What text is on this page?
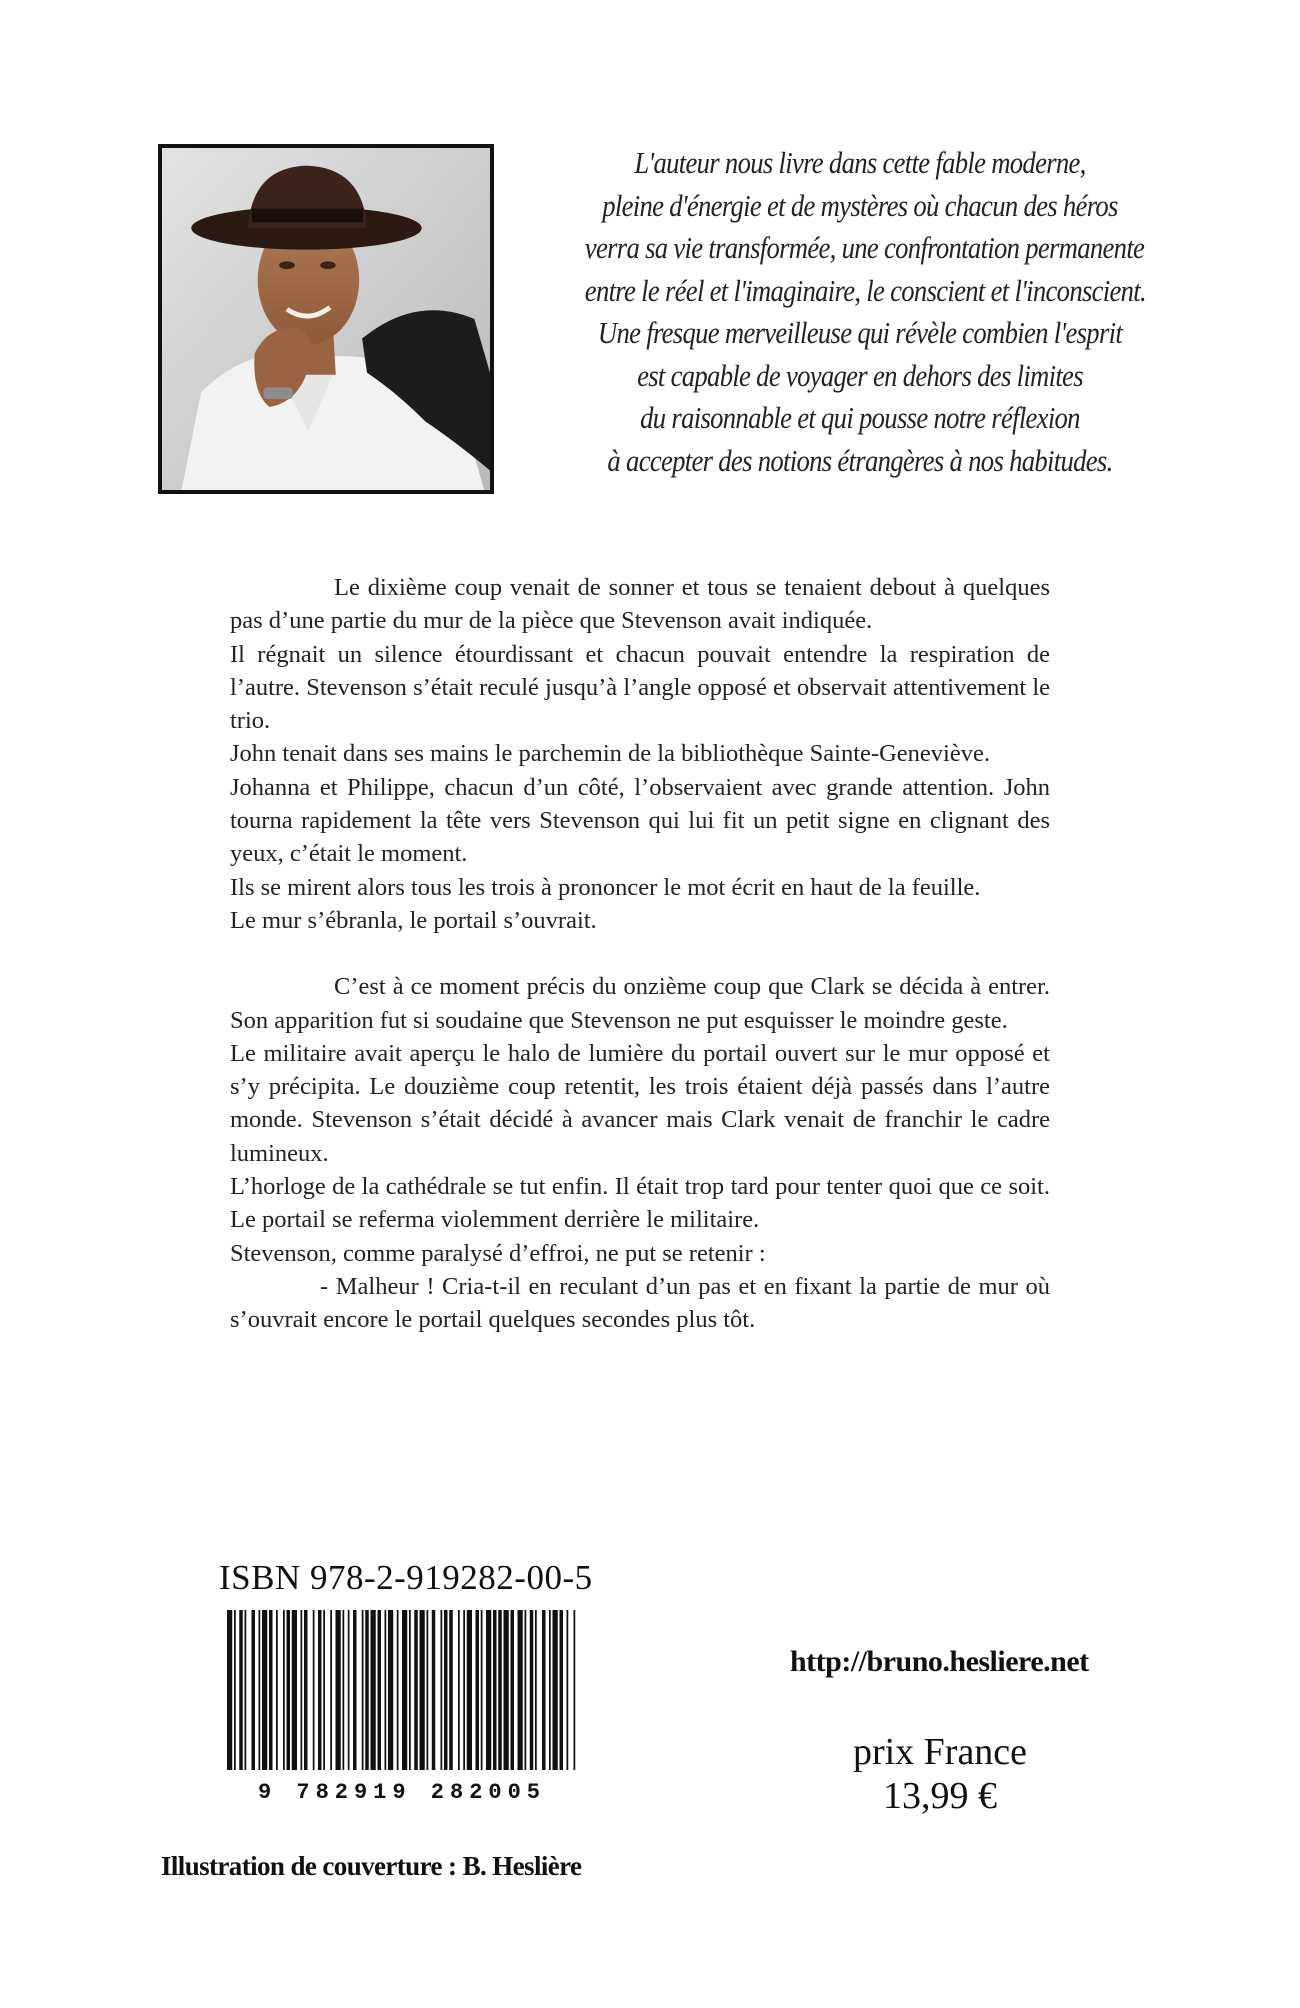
L'auteur nous livre dans cette fable moderne,
pleine d'énergie et de mystères où chacun des héros
verra sa vie transformée, une confrontation permanente
entre le réel et l'imaginaire, le conscient et l'inconscient.
Une fresque merveilleuse qui révèle combien l'esprit
est capable de voyager en dehors des limites
du raisonnable et qui pousse notre réflexion
à accepter des notions étrangères à nos habitudes.

Le dixième coup venait de sonner et tous se tenaient debout à quelques pas d’une partie du mur de la pièce que Stevenson avait indiquée.

Il régnait un silence étourdissant et chacun pouvait entendre la respiration de l’autre. Stevenson s’était reculé jusqu’à l’angle opposé et observait attentivement le trio.

John tenait dans ses mains le parchemin de la bibliothèque Sainte-Geneviève.

Johanna et Philippe, chacun d’un côté, l’observaient avec grande attention. John tourna rapidement la tête vers Stevenson qui lui fit un petit signe en clignant des yeux, c’était le moment.

Ils se mirent alors tous les trois à prononcer le mot écrit en haut de la feuille.

Le mur s’ébranla, le portail s’ouvrait.

C’est à ce moment précis du onzième coup que Clark se décida à entrer. Son apparition fut si soudaine que Stevenson ne put esquisser le moindre geste.

Le militaire avait aperçu le halo de lumière du portail ouvert sur le mur opposé et s’y précipita. Le douzième coup retentit, les trois étaient déjà passés dans l’autre monde. Stevenson s’était décidé à avancer mais Clark venait de franchir le cadre lumineux.

L’horloge de la cathédrale se tut enfin. Il était trop tard pour tenter quoi que ce soit. Le portail se referma violemment derrière le militaire.

Stevenson, comme paralysé d’effroi, ne put se retenir :

- Malheur ! Cria-t-il en reculant d’un pas et en fixant la partie de mur où s’ouvrait encore le portail quelques secondes plus tôt.

ISBN 978-2-919282-00-5
9 782919 282005
http://bruno.hesliere.net
prix France
13,99 €
Illustration de couverture : B. Heslière
